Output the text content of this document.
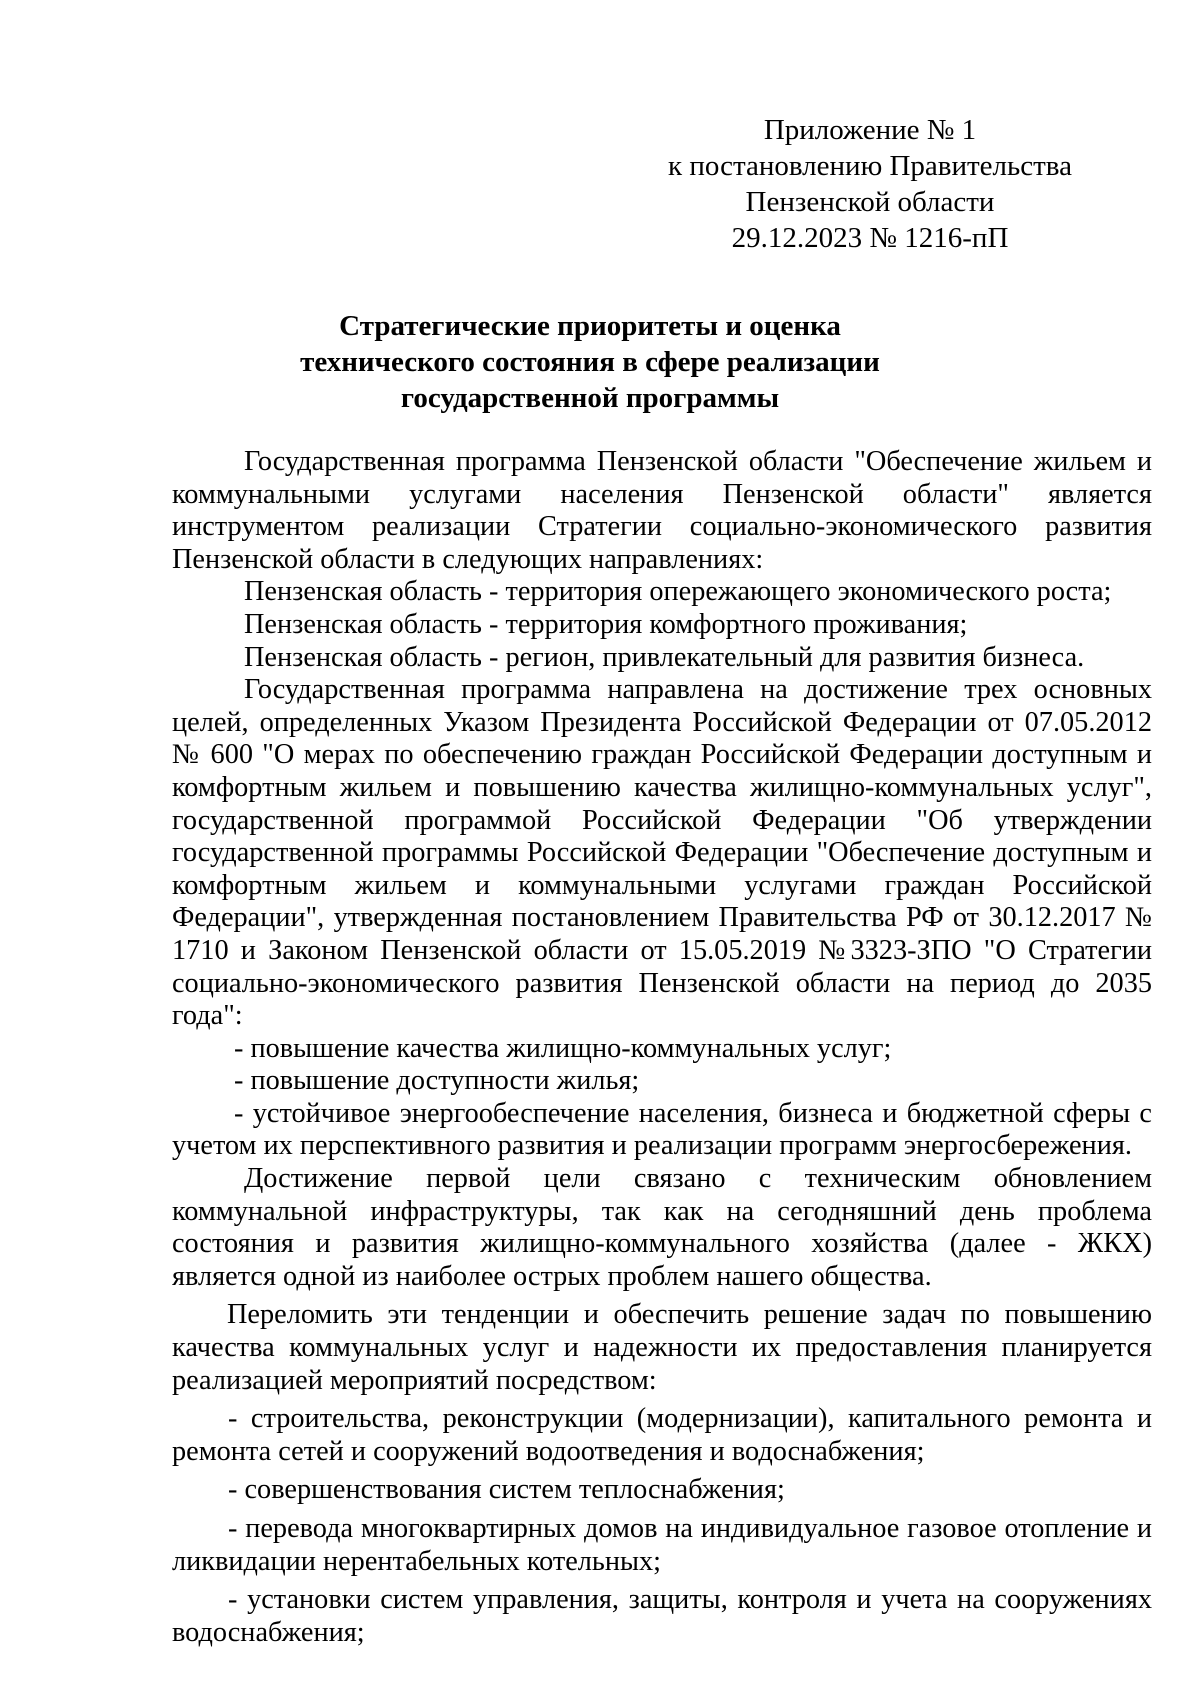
Приложение № 1
к постановлению Правительства
Пензенской области
29.12.2023 № 1216-пП
Стратегические приоритеты и оценка
технического состояния в сфере реализации
государственной программы

Государственная программа Пензенской области "Обеспечение жильем и коммунальными услугами населения Пензенской области" является инструментом реализации Стратегии социально-экономического развития Пензенской области в следующих направлениях:

Пензенская область - территория опережающего экономического роста;

Пензенская область - территория комфортного проживания;

Пензенская область - регион, привлекательный для развития бизнеса.

Государственная программа направлена на достижение трех основных целей, определенных Указом Президента Российской Федерации от 07.05.2012 № 600 "О мерах по обеспечению граждан Российской Федерации доступным и комфортным жильем и повышению качества жилищно-коммунальных услуг", государственной программой Российской Федерации "Об утверждении государственной программы Российской Федерации "Обеспечение доступным и комфортным жильем и коммунальными услугами граждан Российской Федерации", утвержденная постановлением Правительства РФ от 30.12.2017 № 1710 и Законом Пензенской области от 15.05.2019 №3323-ЗПО "О Стратегии социально-экономического развития Пензенской области на период до 2035 года":

- повышение качества жилищно-коммунальных услуг;

- повышение доступности жилья;

- устойчивое энергообеспечение населения, бизнеса и бюджетной сферы с учетом их перспективного развития и реализации программ энергосбережения.

Достижение первой цели связано с техническим обновлением коммунальной инфраструктуры, так как на сегодняшний день проблема состояния и развития жилищно-коммунального хозяйства (далее - ЖКХ) является одной из наиболее острых проблем нашего общества.

Переломить эти тенденции и обеспечить решение задач по повышению качества коммунальных услуг и надежности их предоставления планируется реализацией мероприятий посредством:

- строительства, реконструкции (модернизации), капитального ремонта и ремонта сетей и сооружений водоотведения и водоснабжения;

- совершенствования систем теплоснабжения;

- перевода многоквартирных домов на индивидуальное газовое отопление и ликвидации нерентабельных котельных;

- установки систем управления, защиты, контроля и учета на сооружениях водоснабжения;
